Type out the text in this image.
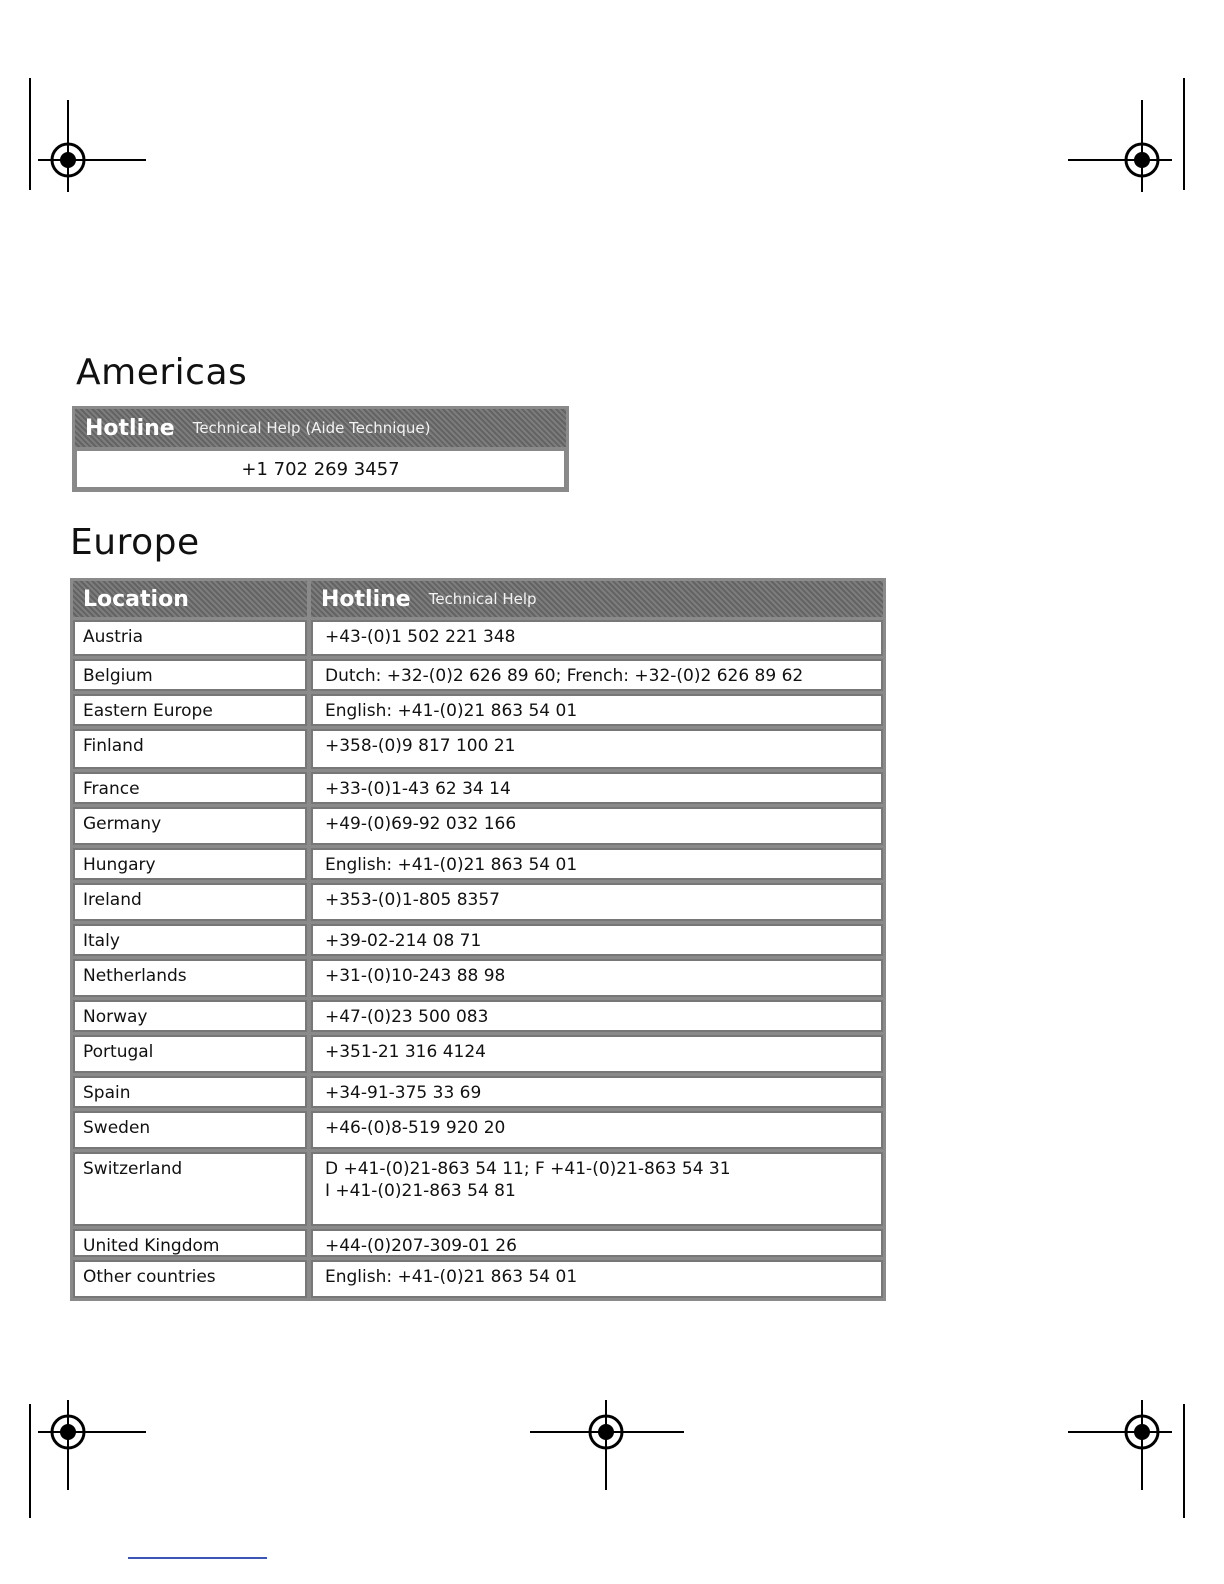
Americas
Hotline Technical Help (Aide Technique)
+1 702 269 3457
Europe
Location	Hotline Technical Help
Austria	+43-(0)1 502 221 348
Belgium	Dutch: +32-(0)2 626 89 60; French: +32-(0)2 626 89 62
Eastern Europe	English: +41-(0)21 863 54 01
Finland	+358-(0)9 817 100 21
France	+33-(0)1-43 62 34 14
Germany	+49-(0)69-92 032 166
Hungary	English: +41-(0)21 863 54 01
Ireland	+353-(0)1-805 8357
Italy	+39-02-214 08 71
Netherlands	+31-(0)10-243 88 98
Norway	+47-(0)23 500 083
Portugal	+351-21 316 4124
Spain	+34-91-375 33 69
Sweden	+46-(0)8-519 920 20
Switzerland	D +41-(0)21-863 54 11; F +41-(0)21-863 54 31
I +41-(0)21-863 54 81
United Kingdom	+44-(0)207-309-01 26
Other countries	English: +41-(0)21 863 54 01
